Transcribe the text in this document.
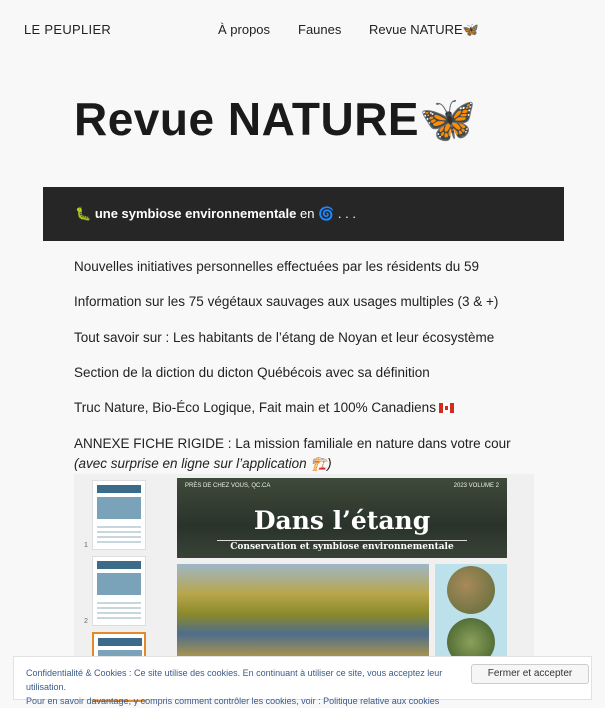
LE PEUPLIER	À propos Faunes Revue NATURE🦋
Revue NATURE🦋
🐛 une symbiose environnementale en 🌀 . . .

Nouvelles initiatives personnelles effectuées par les résidents du 59

Information sur les 75 végétaux sauvages aux usages multiples (3 & +)

Tout savoir sur : Les habitants de l’étang de Noyan et leur écosystème

Section de la diction du dicton Québécois avec sa définition

Truc Nature, Bio-Éco Logique, Fait main et 100% Canadiens

ANNEXE FICHE RIGIDE : La mission familiale en nature dans votre cour

(avec surprise en ligne sur l’application 🏗️)

1
2
PRÈS DE CHEZ VOUS, QC.CA	2023 VOLUME 2
Dans l’étang
Conservation et symbiose environnementale
Confidentialité & Cookies : Ce site utilise des cookies. En continuant à utiliser ce site, vous acceptez leur utilisation.
Pour en savoir davantage, y compris comment contrôler les cookies, voir : Politique relative aux cookies
Fermer et accepter
